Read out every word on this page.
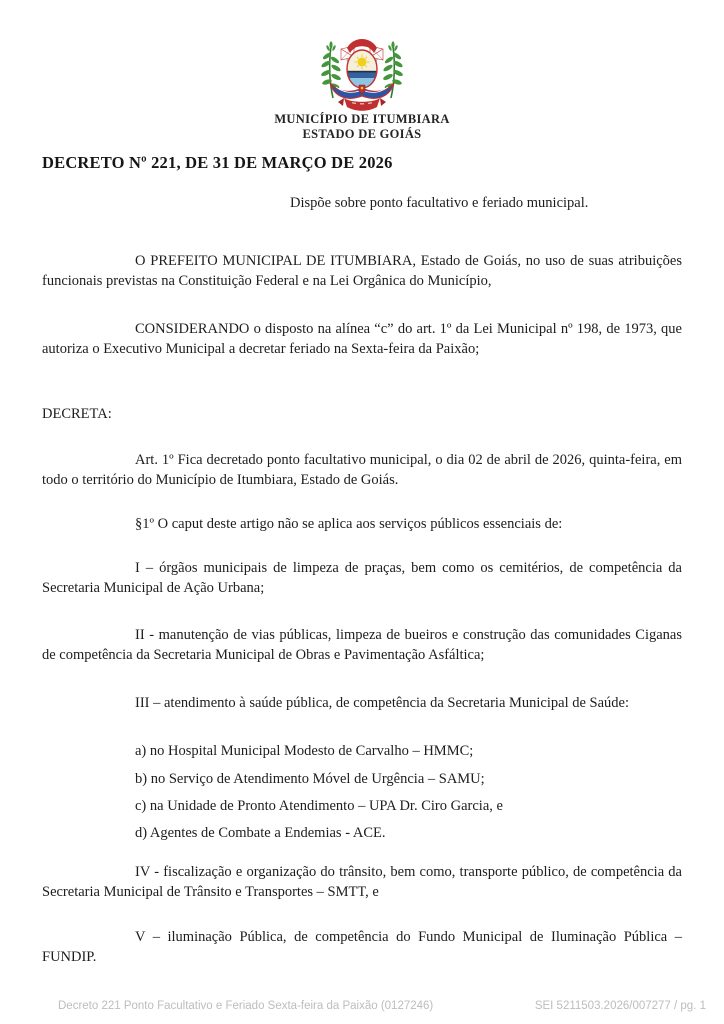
MUNICÍPIO DE ITUMBIARA
ESTADO DE GOIÁS
DECRETO Nº 221, DE 31 DE MARÇO DE 2026
Dispõe sobre ponto facultativo e feriado municipal.

O PREFEITO MUNICIPAL DE ITUMBIARA, Estado de Goiás, no uso de suas atribuições funcionais previstas na Constituição Federal e na Lei Orgânica do Município,

CONSIDERANDO o disposto na alínea “c” do art. 1º da Lei Municipal nº 198, de 1973, que autoriza o Executivo Municipal a decretar feriado na Sexta-feira da Paixão;

DECRETA:

Art. 1º Fica decretado ponto facultativo municipal, o dia 02 de abril de 2026, quinta-feira, em todo o território do Município de Itumbiara, Estado de Goiás.

§1º O caput deste artigo não se aplica aos serviços públicos essenciais de:

I – órgãos municipais de limpeza de praças, bem como os cemitérios, de competência da Secretaria Municipal de Ação Urbana;

II - manutenção de vias públicas, limpeza de bueiros e construção das comunidades Ciganas de competência da Secretaria Municipal de Obras e Pavimentação Asfáltica;

III – atendimento à saúde pública, de competência da Secretaria Municipal de Saúde:

a) no Hospital Municipal Modesto de Carvalho – HMMC;

b) no Serviço de Atendimento Móvel de Urgência – SAMU;

c) na Unidade de Pronto Atendimento – UPA Dr. Ciro Garcia, e

d) Agentes de Combate a Endemias - ACE.

IV - fiscalização e organização do trânsito, bem como, transporte público, de competência da Secretaria Municipal de Trânsito e Transportes – SMTT, e

V – iluminação Pública, de competência do Fundo Municipal de Iluminação Pública – FUNDIP.

Decreto 221 Ponto Facultativo e Feriado Sexta-feira da Paixão (0127246)	SEI 5211503.2026/007277 / pg. 1
